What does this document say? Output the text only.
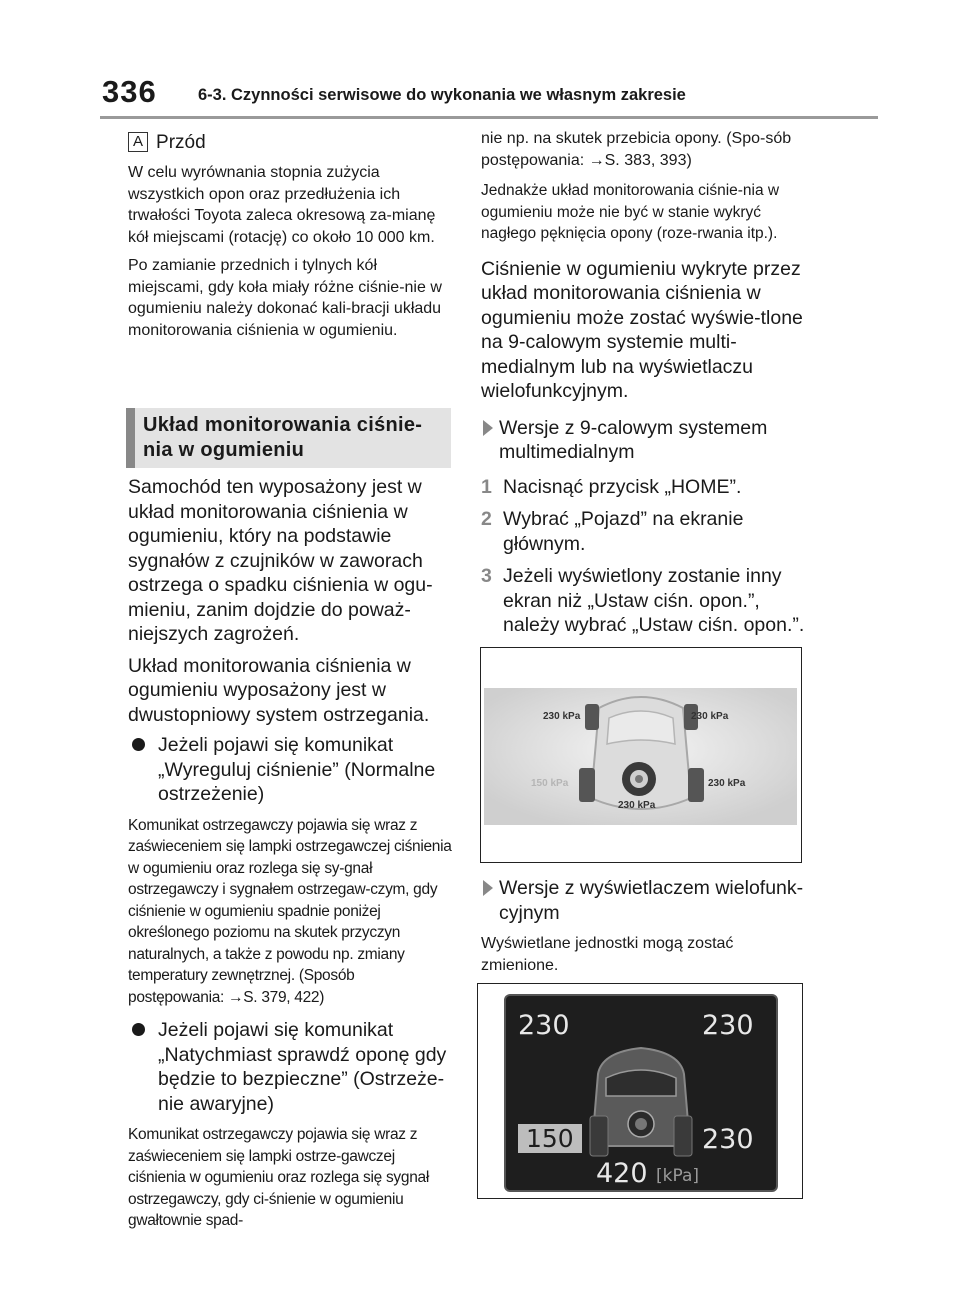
336	6-3. Czynności serwisowe do wykonania we własnym zakresie
A Przód

W celu wyrównania stopnia zużycia wszystkich opon oraz przedłużenia ich trwałości Toyota zaleca okresową za-mianę kół miejscami (rotację) co około 10 000 km.

Po zamianie przednich i tylnych kół miejscami, gdy koła miały różne ciśnie-nie w ogumieniu należy dokonać kali-bracji układu monitorowania ciśnienia w ogumieniu.

Układ monitorowania ciśnie-
nia w ogumieniu

Samochód ten wyposażony jest w układ monitorowania ciśnienia w ogumieniu, który na podstawie sygnałów z czujników w zaworach ostrzega o spadku ciśnienia w ogu-mieniu, zanim dojdzie do poważ-niejszych zagrożeń.

Układ monitorowania ciśnienia w ogumieniu wyposażony jest w dwustopniowy system ostrzegania.

Jeżeli pojawi się komunikat „Wyreguluj ciśnienie” (Normalne ostrzeżenie)

Komunikat ostrzegawczy pojawia się wraz z zaświeceniem się lampki ostrzegawczej ciśnienia w ogumieniu oraz rozlega się sy-gnał ostrzegawczy i sygnałem ostrzegaw-czym, gdy ciśnienie w ogumieniu spadnie poniżej określonego poziomu na skutek przyczyn naturalnych, a także z powodu np. zmiany temperatury zewnętrznej. (Sposób postępowania: →S. 379, 422)

Jeżeli pojawi się komunikat „Natychmiast sprawdź oponę gdy będzie to bezpieczne” (Ostrzeże-nie awaryjne)

Komunikat ostrzegawczy pojawia się wraz z zaświeceniem się lampki ostrze-gawczej ciśnienia w ogumieniu oraz rozlega się sygnał ostrzegawczy, gdy ci-śnienie w ogumieniu gwałtownie spad-

nie np. na skutek przebicia opony. (Spo-sób postępowania: →S. 383, 393)

Jednakże układ monitorowania ciśnie-nia w ogumieniu może nie być w stanie wykryć nagłego pęknięcia opony (roze-rwania itp.).

Ciśnienie w ogumieniu wykryte przez układ monitorowania ciśnienia w ogumieniu może zostać wyświe-tlone na 9-calowym systemie multi-medialnym lub na wyświetlaczu wielofunkcyjnym.

Wersje z 9-calowym systemem multimedialnym
1 Nacisnąć przycisk „HOME”.
2 Wybrać „Pojazd” na ekranie głównym.
3 Jeżeli wyświetlony zostanie inny ekran niż „Ustaw ciśn. opon.”, należy wybrać „Ustaw ciśn. opon.”.
230 kPa	230 kPa
150 kPa	230 kPa
230 kPa
Wersje z wyświetlaczem wielofunk-cyjnym

Wyświetlane jednostki mogą zostać zmienione.

230	230
150	230
420 [kPa]
